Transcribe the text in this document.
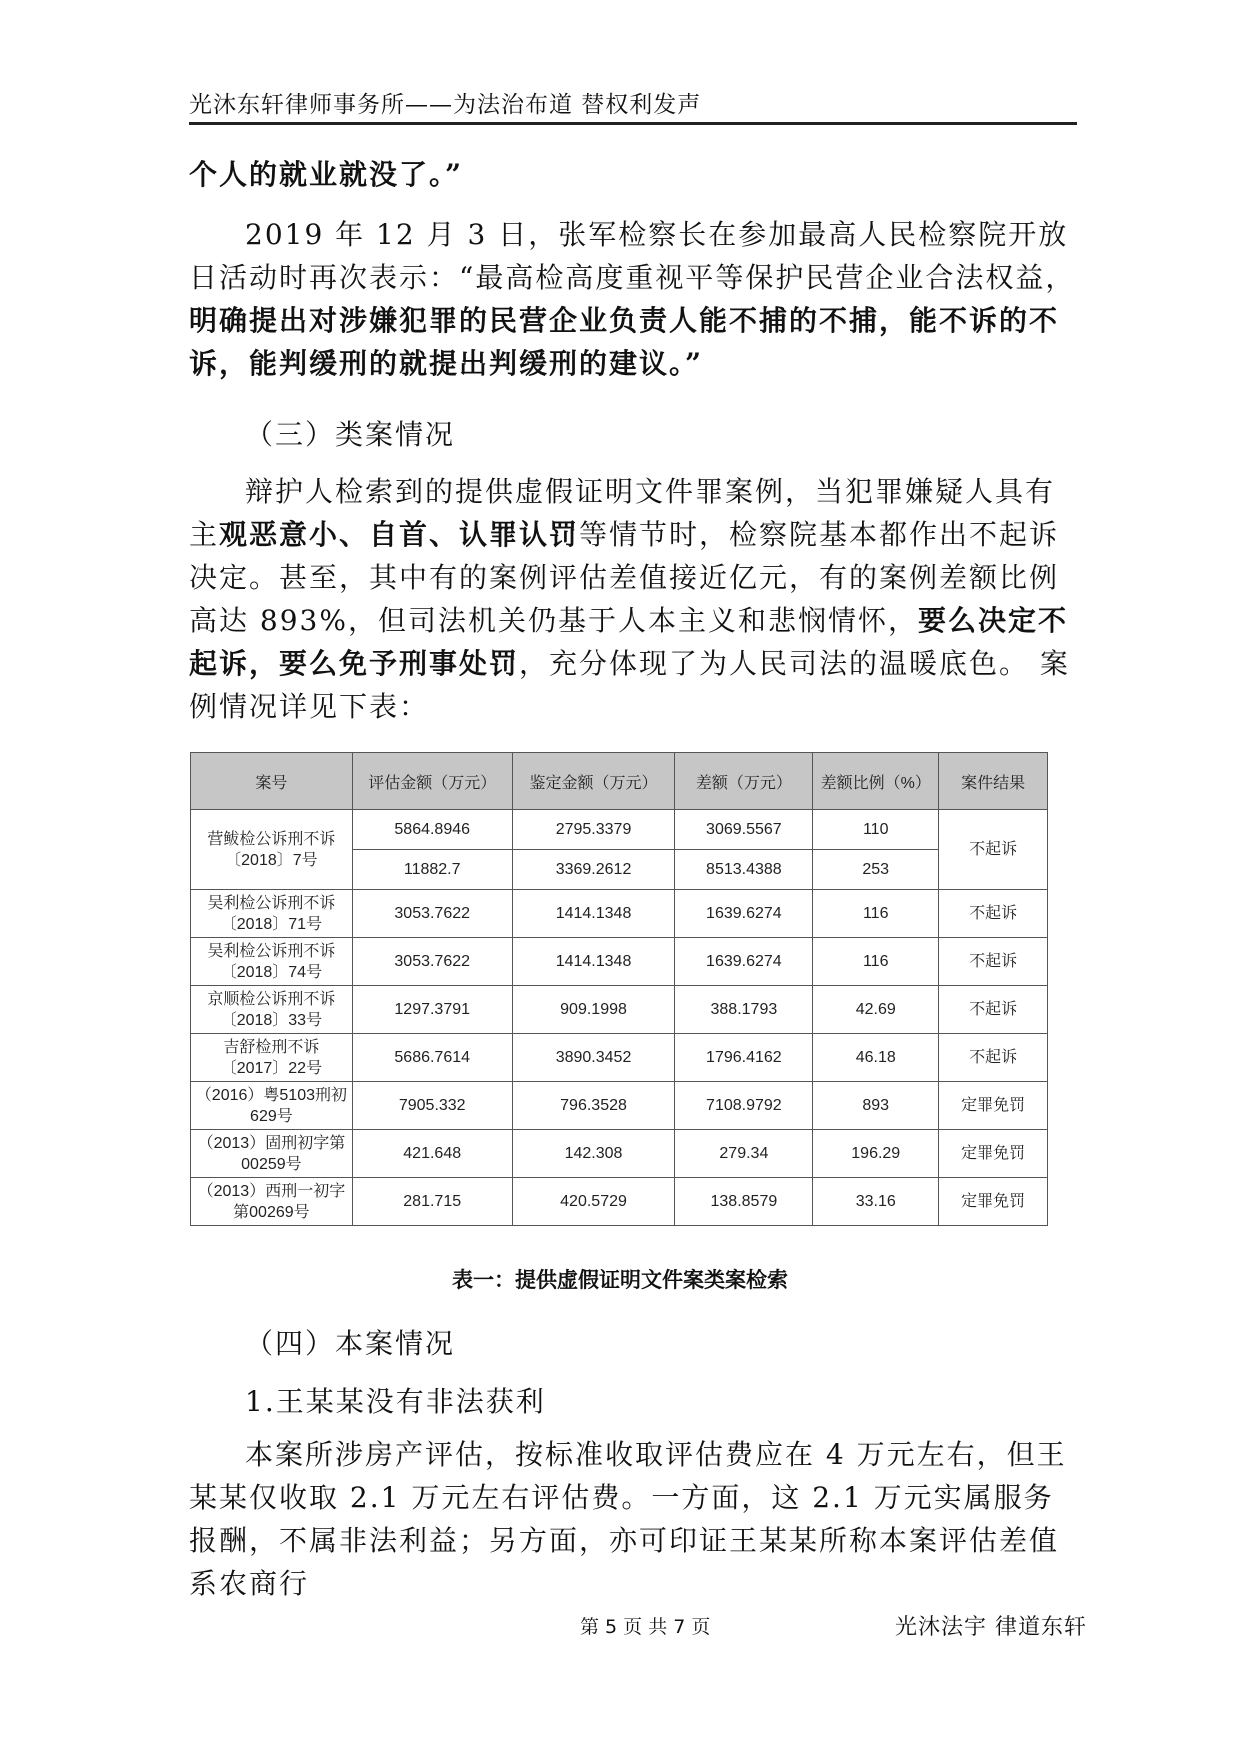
光沐东轩律师事务所——为法治布道 替权利发声

个人的就业就没了。”

2019 年 12 月 3 日，张军检察长在参加最高人民检察院开放日活动时再次表示：“最高检高度重视平等保护民营企业合法权益，明确提出对涉嫌犯罪的民营企业负责人能不捕的不捕，能不诉的不诉，能判缓刑的就提出判缓刑的建议。”

（三）类案情况

辩护人检索到的提供虚假证明文件罪案例，当犯罪嫌疑人具有主观恶意小、自首、认罪认罚等情节时，检察院基本都作出不起诉决定。甚至，其中有的案例评估差值接近亿元，有的案例差额比例高达 893%，但司法机关仍基于人本主义和悲悯情怀，要么决定不起诉，要么免予刑事处罚，充分体现了为人民司法的温暖底色。 案例情况详见下表：

案号	评估金额（万元）	鉴定金额（万元）	差额（万元）	差额比例（%）	案件结果
营鲅检公诉刑不诉〔2018〕7号	5864.8946	2795.3379	3069.5567	110	不起诉
	11882.7	3369.2612	8513.4388	253	
吴利检公诉刑不诉〔2018〕71号	3053.7622	1414.1348	1639.6274	116	不起诉
吴利检公诉刑不诉〔2018〕74号	3053.7622	1414.1348	1639.6274	116	不起诉
京顺检公诉刑不诉〔2018〕33号	1297.3791	909.1998	388.1793	42.69	不起诉
吉舒检刑不诉〔2017〕22号	5686.7614	3890.3452	1796.4162	46.18	不起诉
（2016）粤5103刑初629号	7905.332	796.3528	7108.9792	893	定罪免罚
（2013）固刑初字第00259号	421.648	142.308	279.34	196.29	定罪免罚
（2013）西刑一初字第00269号	281.715	420.5729	138.8579	33.16	定罪免罚
表一：提供虚假证明文件案类案检索

（四）本案情况

1.王某某没有非法获利

本案所涉房产评估，按标准收取评估费应在 4 万元左右，但王某某仅收取 2.1 万元左右评估费。一方面，这 2.1 万元实属服务报酬，不属非法利益；另方面，亦可印证王某某所称本案评估差值系农商行

第 5 页 共 7 页	光沐法宇 律道东轩
